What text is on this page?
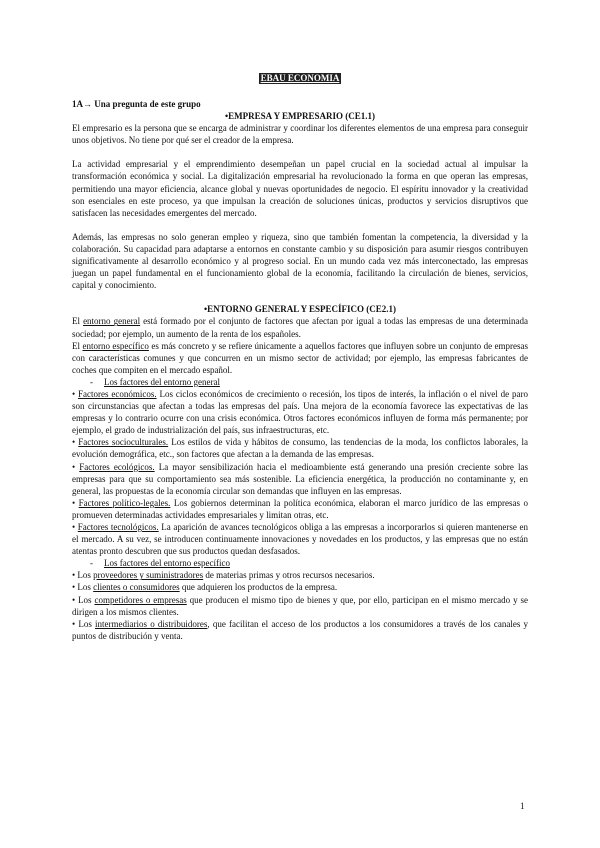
EBAU ECONOMIA

1A→ Una pregunta de este grupo

•EMPRESA Y EMPRESARIO (CE1.1)

El empresario es la persona que se encarga de administrar y coordinar los diferentes elementos de una empresa para conseguir unos objetivos. No tiene por qué ser el creador de la empresa.

La actividad empresarial y el emprendimiento desempeñan un papel crucial en la sociedad actual al impulsar la transformación económica y social. La digitalización empresarial ha revolucionado la forma en que operan las empresas, permitiendo una mayor eficiencia, alcance global y nuevas oportunidades de negocio. El espíritu innovador y la creatividad son esenciales en este proceso, ya que impulsan la creación de soluciones únicas, productos y servicios disruptivos que satisfacen las necesidades emergentes del mercado.

Además, las empresas no solo generan empleo y riqueza, sino que también fomentan la competencia, la diversidad y la colaboración. Su capacidad para adaptarse a entornos en constante cambio y su disposición para asumir riesgos contribuyen significativamente al desarrollo económico y al progreso social. En un mundo cada vez más interconectado, las empresas juegan un papel fundamental en el funcionamiento global de la economía, facilitando la circulación de bienes, servicios, capital y conocimiento.

•ENTORNO GENERAL Y ESPECÍFICO (CE2.1)

El entorno general está formado por el conjunto de factores que afectan por igual a todas las empresas de una determinada sociedad; por ejemplo, un aumento de la renta de los españoles.

El entorno específico es más concreto y se refiere únicamente a aquellos factores que influyen sobre un conjunto de empresas con características comunes y que concurren en un mismo sector de actividad; por ejemplo, las empresas fabricantes de coches que compiten en el mercado español.

- Los factores del entorno general

• Factores económicos. Los ciclos económicos de crecimiento o recesión, los tipos de interés, la inflación o el nivel de paro son circunstancias que afectan a todas las empresas del país. Una mejora de la economía favorece las expectativas de las empresas y lo contrario ocurre con una crisis económica. Otros factores económicos influyen de forma más permanente; por ejemplo, el grado de industrialización del país, sus infraestructuras, etc.

• Factores socioculturales. Los estilos de vida y hábitos de consumo, las tendencias de la moda, los conflictos laborales, la evolución demográfica, etc., son factores que afectan a la demanda de las empresas.

• Factores ecológicos. La mayor sensibilización hacia el medioambiente está generando una presión creciente sobre las empresas para que su comportamiento sea más sostenible. La eficiencia energética, la producción no contaminante y, en general, las propuestas de la economía circular son demandas que influyen en las empresas.

• Factores político-legales. Los gobiernos determinan la política económica, elaboran el marco jurídico de las empresas o promueven determinadas actividades empresariales y limitan otras, etc.

• Factores tecnológicos. La aparición de avances tecnológicos obliga a las empresas a incorporarlos si quieren mantenerse en el mercado. A su vez, se introducen continuamente innovaciones y novedades en los productos, y las empresas que no están atentas pronto descubren que sus productos quedan desfasados.

- Los factores del entorno específico

• Los proveedores y suministradores de materias primas y otros recursos necesarios.

• Los clientes o consumidores que adquieren los productos de la empresa.

• Los competidores o empresas que producen el mismo tipo de bienes y que, por ello, participan en el mismo mercado y se dirigen a los mismos clientes.

• Los intermediarios o distribuidores, que facilitan el acceso de los productos a los consumidores a través de los canales y puntos de distribución y venta.

1
